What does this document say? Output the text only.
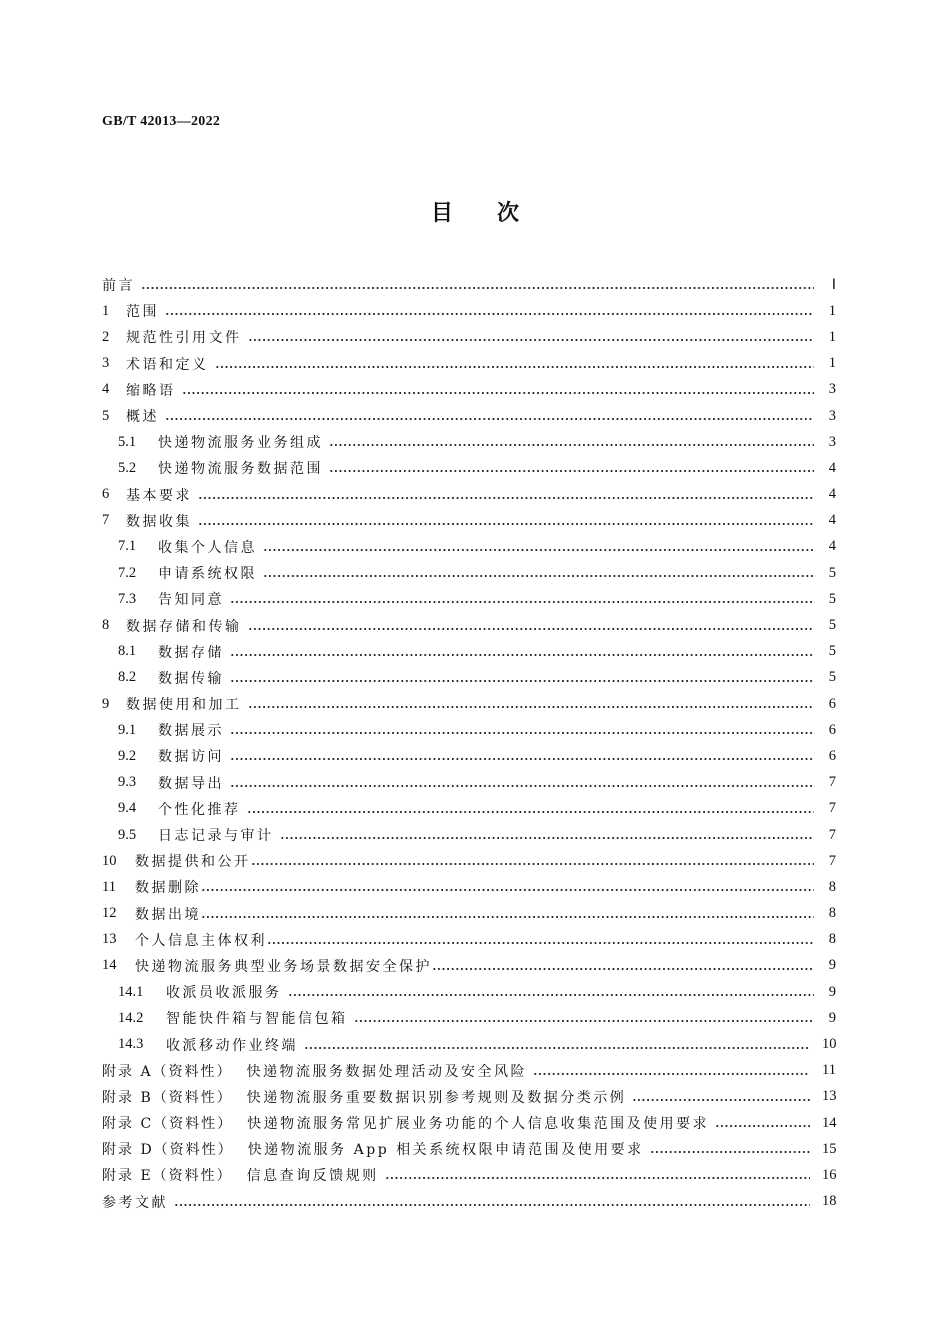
GB/T 42013—2022
目次
前言	Ⅰ
1	范围	1
2	规范性引用文件	1
3	术语和定义	1
4	缩略语	3
5	概述	3
5.1	快递物流服务业务组成	3
5.2	快递物流服务数据范围	4
6	基本要求	4
7	数据收集	4
7.1	收集个人信息	4
7.2	申请系统权限	5
7.3	告知同意	5
8	数据存储和传输	5
8.1	数据存储	5
8.2	数据传输	5
9	数据使用和加工	6
9.1	数据展示	6
9.2	数据访问	6
9.3	数据导出	7
9.4	个性化推荐	7
9.5	日志记录与审计	7
10	数据提供和公开	7
11	数据删除	8
12	数据出境	8
13	个人信息主体权利	8
14	快递物流服务典型业务场景数据安全保护	9
14.1	收派员收派服务	9
14.2	智能快件箱与智能信包箱	9
14.3	收派移动作业终端	10
附录 A（资料性） 快递物流服务数据处理活动及安全风险	11
附录 B（资料性） 快递物流服务重要数据识别参考规则及数据分类示例	13
附录 C（资料性） 快递物流服务常见扩展业务功能的个人信息收集范围及使用要求	14
附录 D（资料性） 快递物流服务 App 相关系统权限申请范围及使用要求	15
附录 E（资料性） 信息查询反馈规则	16
参考文献	18
